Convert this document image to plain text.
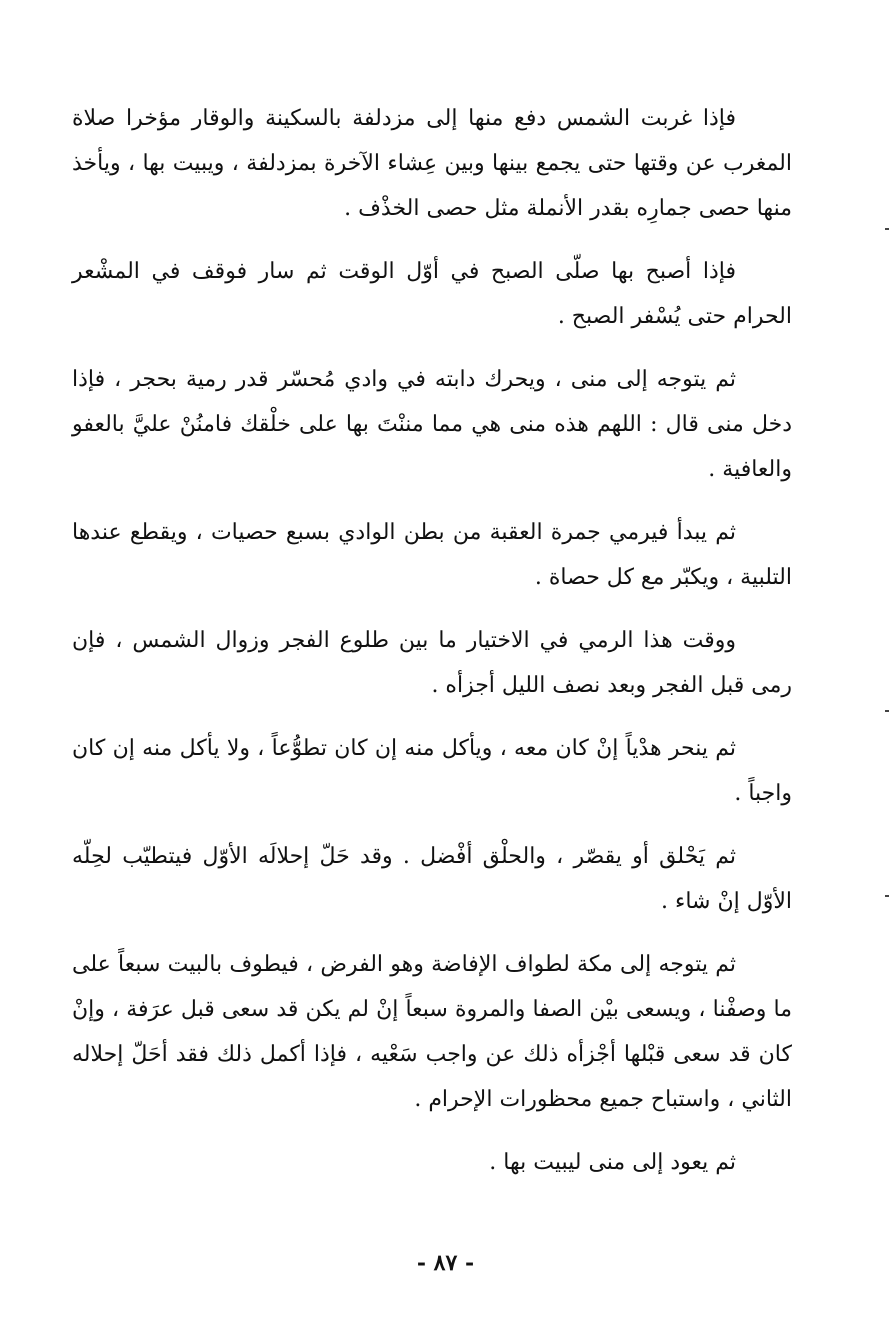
فإذا غربت الشمس دفع منها إلى مزدلفة بالسكينة والوقار مؤخرا صلاة المغرب عن وقتها حتى يجمع بينها وبين عِشاء الآخرة بمزدلفة ، ويبيت بها ، ويأخذ منها حصى جمارِه بقدر الأنملة مثل حصى الخذْف .

فإذا أصبح بها صلّى الصبح في أوّل الوقت ثم سار فوقف في المشْعر الحرام حتى يُسْفر الصبح .

ثم يتوجه إلى منى ، ويحرك دابته في وادي مُحسّر قدر رمية بحجر ، فإذا دخل منى قال : اللهم هذه منى هي مما مننْتَ بها على خلْقك فامنُنْ عليَّ بالعفو والعافية .

ثم يبدأ فيرمي جمرة العقبة من بطن الوادي بسبع حصيات ، ويقطع عندها التلبية ، ويكبّر مع كل حصاة .

ووقت هذا الرمي في الاختيار ما بين طلوع الفجر وزوال الشمس ، فإن رمى قبل الفجر وبعد نصف الليل أجزأه .

ثم ينحر هدْياً إنْ كان معه ، ويأكل منه إن كان تطوُّعاً ، ولا يأكل منه إن كان واجباً .

ثم يَحْلق أو يقصّر ، والحلْق أفْضل . وقد حَلّ إحلالَه الأوّل فيتطيّب لحِلّه الأوّل إنْ شاء .

ثم يتوجه إلى مكة لطواف الإفاضة وهو الفرض ، فيطوف بالبيت سبعاً على ما وصفْنا ، ويسعى بيْن الصفا والمروة سبعاً إنْ لم يكن قد سعى قبل عرَفة ، وإنْ كان قد سعى قبْلها أجْزأه ذلك عن واجب سَعْيه ، فإذا أكمل ذلك فقد أحَلّ إحلاله الثاني ، واستباح جميع محظورات الإحرام .

ثم يعود إلى منى ليبيت بها .

- ٨٧ -
